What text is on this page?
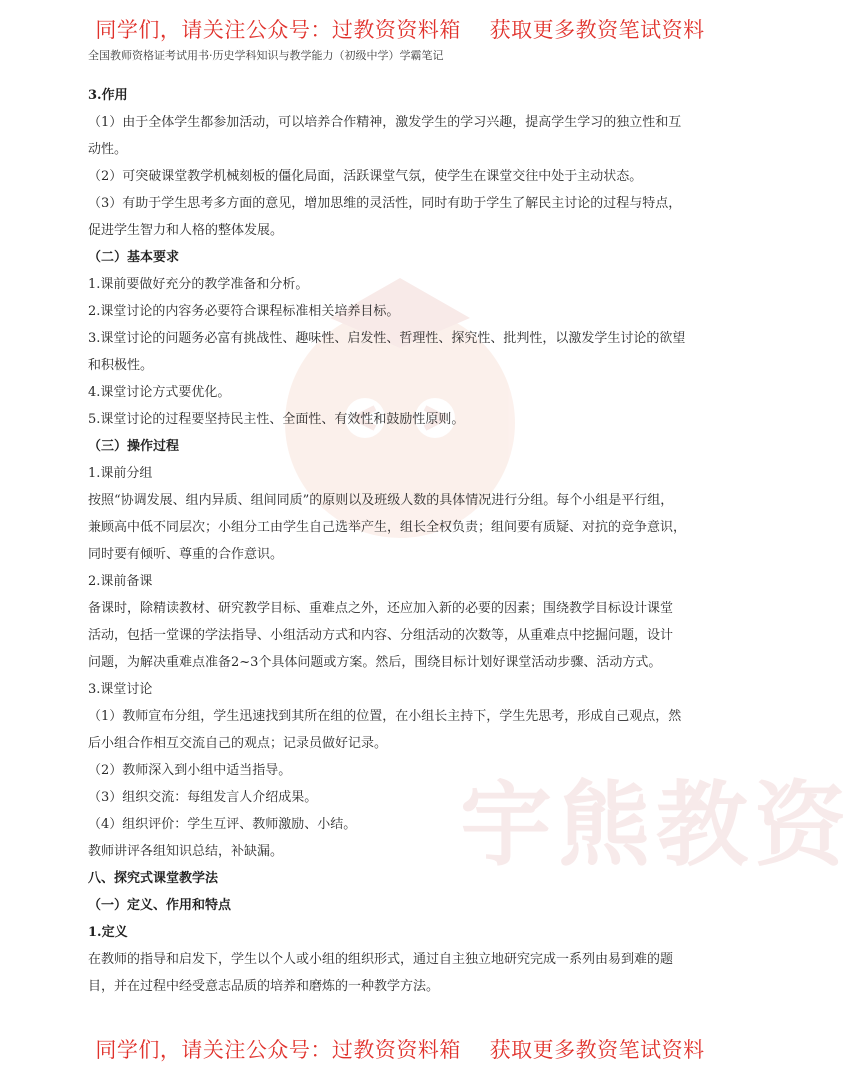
同学们，请关注公众号：过教资资料箱    获取更多教资笔试资料
全国教师资格证考试用书·历史学科知识与教学能力（初级中学）学霸笔记
宇熊教资
3.作用
（1）由于全体学生都参加活动，可以培养合作精神，激发学生的学习兴趣，提高学生学习的独立性和互
动性。
（2）可突破课堂教学机械刻板的僵化局面，活跃课堂气氛，使学生在课堂交往中处于主动状态。
（3）有助于学生思考多方面的意见，增加思维的灵活性，同时有助于学生了解民主讨论的过程与特点，
促进学生智力和人格的整体发展。
（二）基本要求
1.课前要做好充分的教学准备和分析。
2.课堂讨论的内容务必要符合课程标准相关培养目标。
3.课堂讨论的问题务必富有挑战性、趣味性、启发性、哲理性、探究性、批判性，以激发学生讨论的欲望
和积极性。
4.课堂讨论方式要优化。
5.课堂讨论的过程要坚持民主性、全面性、有效性和鼓励性原则。
（三）操作过程
1.课前分组
按照“协调发展、组内异质、组间同质”的原则以及班级人数的具体情况进行分组。每个小组是平行组，
兼顾高中低不同层次；小组分工由学生自己选举产生，组长全权负责；组间要有质疑、对抗的竞争意识，
同时要有倾听、尊重的合作意识。
2.课前备课
备课时，除精读教材、研究教学目标、重难点之外，还应加入新的必要的因素；围绕教学目标设计课堂
活动，包括一堂课的学法指导、小组活动方式和内容、分组活动的次数等，从重难点中挖掘问题，设计
问题，为解决重难点准备2~3个具体问题或方案。然后，围绕目标计划好课堂活动步骤、活动方式。
3.课堂讨论
（1）教师宣布分组，学生迅速找到其所在组的位置，在小组长主持下，学生先思考，形成自己观点，然
后小组合作相互交流自己的观点；记录员做好记录。
（2）教师深入到小组中适当指导。
（3）组织交流：每组发言人介绍成果。
（4）组织评价：学生互评、教师激励、小结。
教师讲评各组知识总结，补缺漏。
八、探究式课堂教学法
（一）定义、作用和特点
1.定义
在教师的指导和启发下，学生以个人或小组的组织形式，通过自主独立地研究完成一系列由易到难的题
目，并在过程中经受意志品质的培养和磨炼的一种教学方法。
同学们，请关注公众号：过教资资料箱    获取更多教资笔试资料
